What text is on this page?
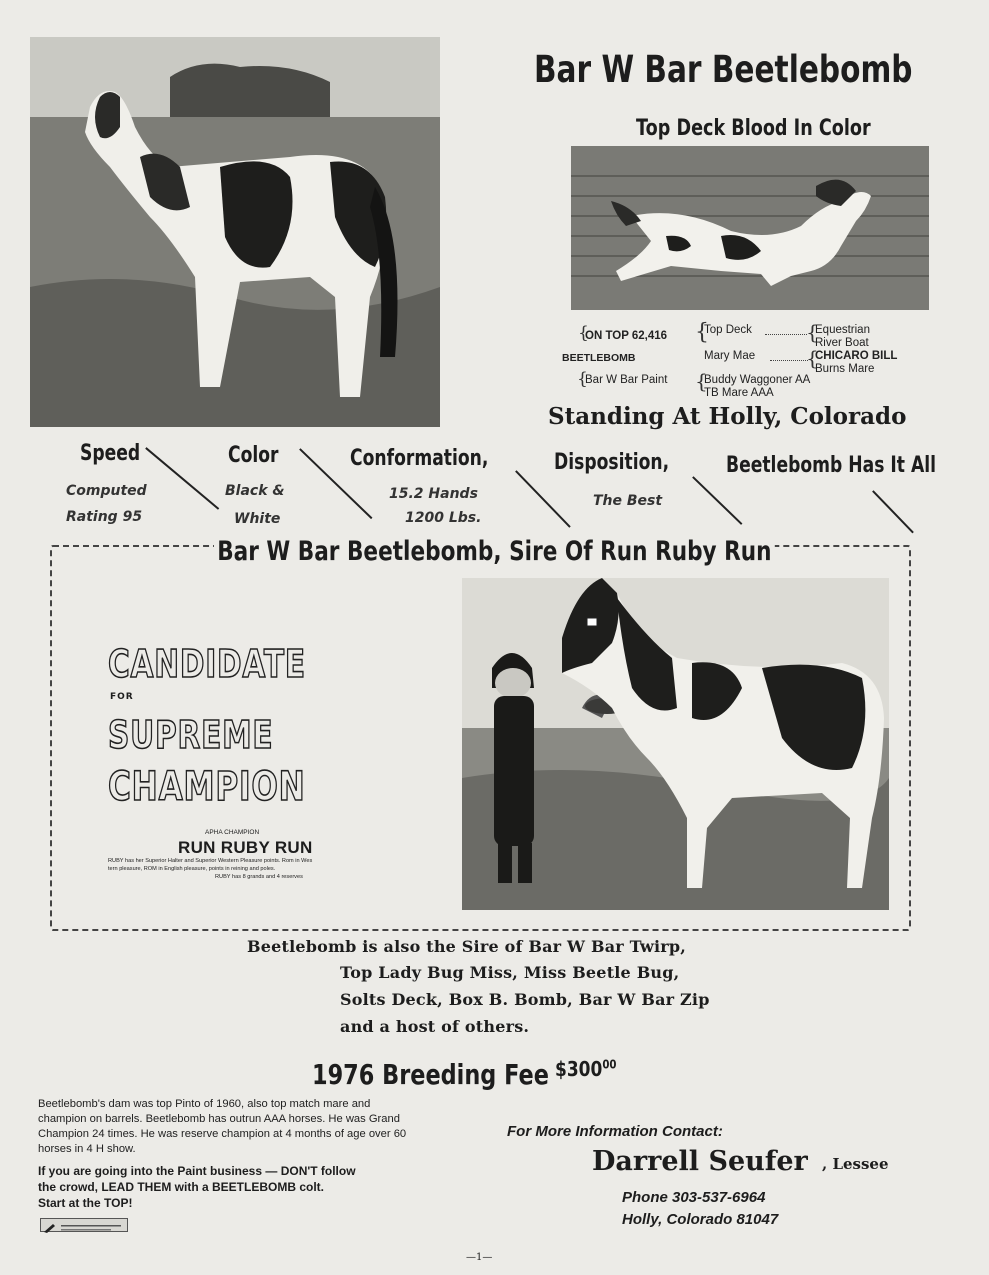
Bar W Bar Beetlebomb
Top Deck Blood In Color
{
ON TOP 62,416
BEETLEBOMB
{
Bar W Bar Paint
{
Top Deck
Mary Mae
{
Buddy Waggoner AA
TB Mare AAA
{
Equestrian
River Boat
{
CHICARO BILL
Burns Mare
Standing At Holly, Colorado
Speed
Computed
Rating 95
Color
Black &
White
Conformation,
15.2 Hands
1200 Lbs.
Disposition,
The Best
Beetlebomb Has It All
Bar W Bar Beetlebomb, Sire Of Run Ruby Run
CANDIDATE
FOR
SUPREME
CHAMPION
APHA CHAMPION
RUN RUBY RUN
RUBY has her Superior Halter and Superior Western Pleasure points. Rom in Wes
tern pleasure, ROM in English pleasure, points in reining and poles.
RUBY has 8 grands and 4 reserves
Beetlebomb is also the Sire of Bar W Bar Twirp,
Top Lady Bug Miss, Miss Beetle Bug,
Solts Deck, Box B. Bomb, Bar W Bar Zip
and a host of others.
1976 Breeding Fee $\$300^{00}$
Beetlebomb's dam was top Pinto of 1960, also top match mare and
champion on barrels. Beetlebomb has outrun AAA horses. He was Grand
Champion 24 times. He was reserve champion at 4 months of age over 60
horses in 4 H show.
If you are going into the Paint business — DON'T follow
the crowd, LEAD THEM with a BEETLEBOMB colt.
Start at the TOP!
For More Information Contact:
Darrell Seufer , Lessee
Phone 303-537-6964
Holly, Colorado 81047
—1—
